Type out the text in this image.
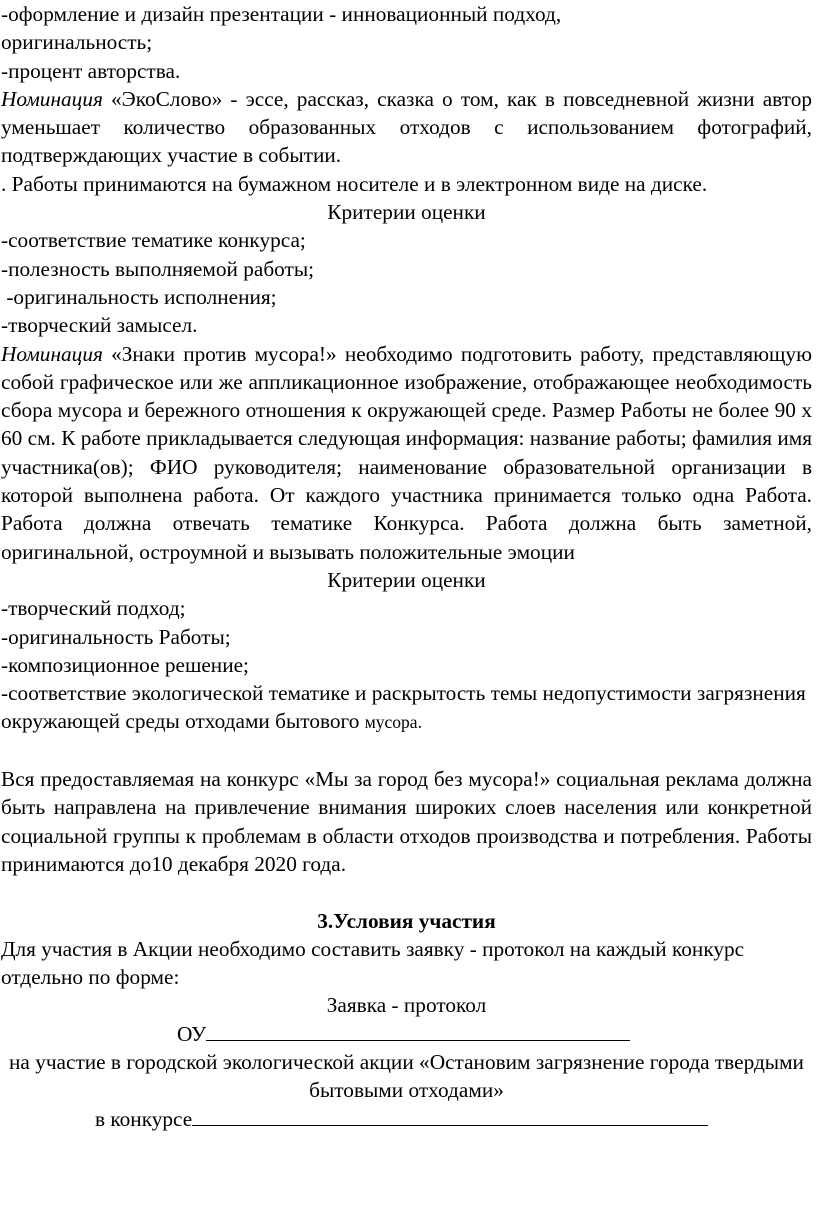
-оформление и дизайн презентации - инновационный подход,

оригинальность;

-процент авторства.

Номинация «ЭкоСлово» - эссе, рассказ, сказка о том, как в повседневной жизни автор уменьшает количество образованных отходов с использованием фотографий, подтверждающих участие в событии.

. Работы принимаются на бумажном носителе и в электронном виде на диске.

Критерии оценки

-соответствие тематике конкурса;

-полезность выполняемой работы;

-оригинальность исполнения;

-творческий замысел.

Номинация «Знаки против мусора!» необходимо подготовить работу, представляющую собой графическое или же аппликационное изображение, отображающее необходимость сбора мусора и бережного отношения к окружающей среде. Размер Работы не более 90 х 60 см. К работе прикладывается следующая информация: название работы; фамилия имя участника(ов); ФИО руководителя; наименование образовательной организации в которой выполнена работа. От каждого участника принимается только одна Работа. Работа должна отвечать тематике Конкурса. Работа должна быть заметной, оригинальной, остроумной и вызывать положительные эмоции

Критерии оценки

-творческий подход;

-оригинальность Работы;

-композиционное решение;

-соответствие экологической тематике и раскрытость темы недопустимости загрязнения окружающей среды отходами бытового мусора.

Вся предоставляемая на конкурс «Мы за город без мусора!» социальная реклама должна быть направлена на привлечение внимания широких слоев населения или конкретной социальной группы к проблемам в области отходов производства и потребления. Работы принимаются до10 декабря 2020 года.

3.Условия участия

Для участия в Акции необходимо составить заявку - протокол на каждый конкурс отдельно по форме:

Заявка - протокол

ОУ

на участие в городской экологической акции «Остановим загрязнение города твердыми бытовыми отходами»

в конкурсе
